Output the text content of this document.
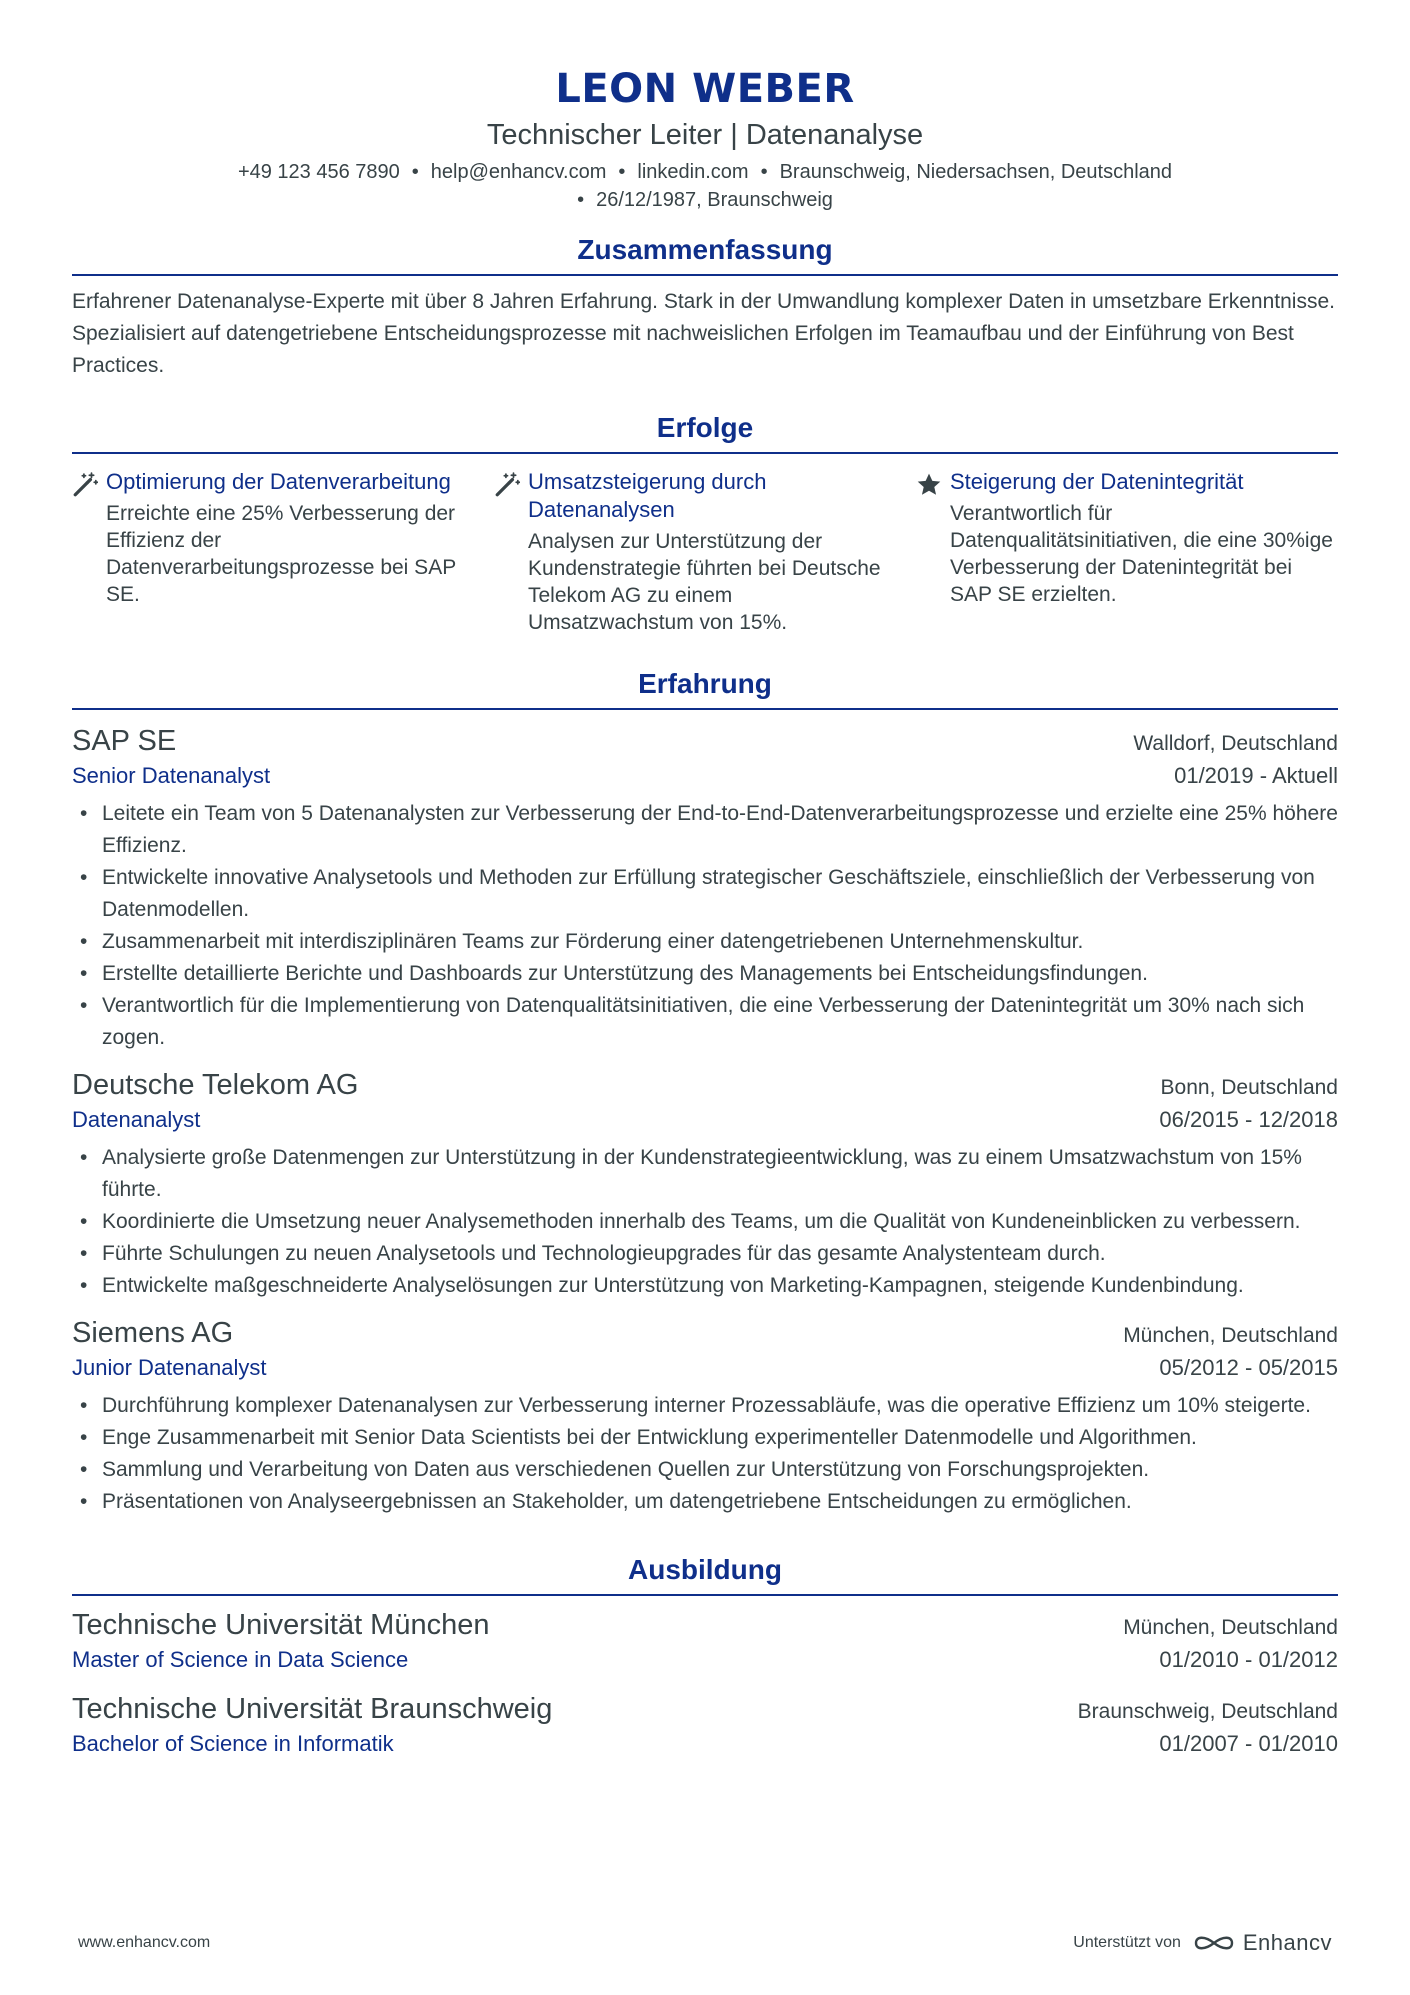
LEON WEBER
Technischer Leiter | Datenanalyse
+49 123 456 7890 • help@enhancv.com • linkedin.com • Braunschweig, Niedersachsen, Deutschland
• 26/12/1987, Braunschweig
Zusammenfassung

Erfahrener Datenanalyse-Experte mit über 8 Jahren Erfahrung. Stark in der Umwandlung komplexer Daten in umsetzbare Erkenntnisse. Spezialisiert auf datengetriebene Entscheidungsprozesse mit nachweislichen Erfolgen im Teamaufbau und der Einführung von Best Practices.

Erfolge
Optimierung der Datenverarbeitung
Erreichte eine 25% Verbesserung der Effizienz der Datenverarbeitungsprozesse bei SAP SE.
Umsatzsteigerung durch Datenanalysen
Analysen zur Unterstützung der Kundenstrategie führten bei Deutsche Telekom AG zu einem Umsatzwachstum von 15%.
Steigerung der Datenintegrität
Verantwortlich für Datenqualitätsinitiativen, die eine 30%ige Verbesserung der Datenintegrität bei SAP SE erzielten.
Erfahrung
SAP SE	Walldorf, Deutschland
Senior Datenanalyst	01/2019 - Aktuell
• Leitete ein Team von 5 Datenanalysten zur Verbesserung der End-to-End-Datenverarbeitungsprozesse und erzielte eine 25% höhere Effizienz.
• Entwickelte innovative Analysetools und Methoden zur Erfüllung strategischer Geschäftsziele, einschließlich der Verbesserung von Datenmodellen.
• Zusammenarbeit mit interdisziplinären Teams zur Förderung einer datengetriebenen Unternehmenskultur.
• Erstellte detaillierte Berichte und Dashboards zur Unterstützung des Managements bei Entscheidungsfindungen.
• Verantwortlich für die Implementierung von Datenqualitätsinitiativen, die eine Verbesserung der Datenintegrität um 30% nach sich zogen.
Deutsche Telekom AG	Bonn, Deutschland
Datenanalyst	06/2015 - 12/2018
• Analysierte große Datenmengen zur Unterstützung in der Kundenstrategieentwicklung, was zu einem Umsatzwachstum von 15% führte.
• Koordinierte die Umsetzung neuer Analysemethoden innerhalb des Teams, um die Qualität von Kundeneinblicken zu verbessern.
• Führte Schulungen zu neuen Analysetools und Technologieupgrades für das gesamte Analystenteam durch.
• Entwickelte maßgeschneiderte Analyselösungen zur Unterstützung von Marketing-Kampagnen, steigende Kundenbindung.
Siemens AG	München, Deutschland
Junior Datenanalyst	05/2012 - 05/2015
• Durchführung komplexer Datenanalysen zur Verbesserung interner Prozessabläufe, was die operative Effizienz um 10% steigerte.
• Enge Zusammenarbeit mit Senior Data Scientists bei der Entwicklung experimenteller Datenmodelle und Algorithmen.
• Sammlung und Verarbeitung von Daten aus verschiedenen Quellen zur Unterstützung von Forschungsprojekten.
• Präsentationen von Analyseergebnissen an Stakeholder, um datengetriebene Entscheidungen zu ermöglichen.
Ausbildung
Technische Universität München	München, Deutschland
Master of Science in Data Science	01/2010 - 01/2012
Technische Universität Braunschweig	Braunschweig, Deutschland
Bachelor of Science in Informatik	01/2007 - 01/2010
www.enhancv.com	Unterstützt von	Enhancv
